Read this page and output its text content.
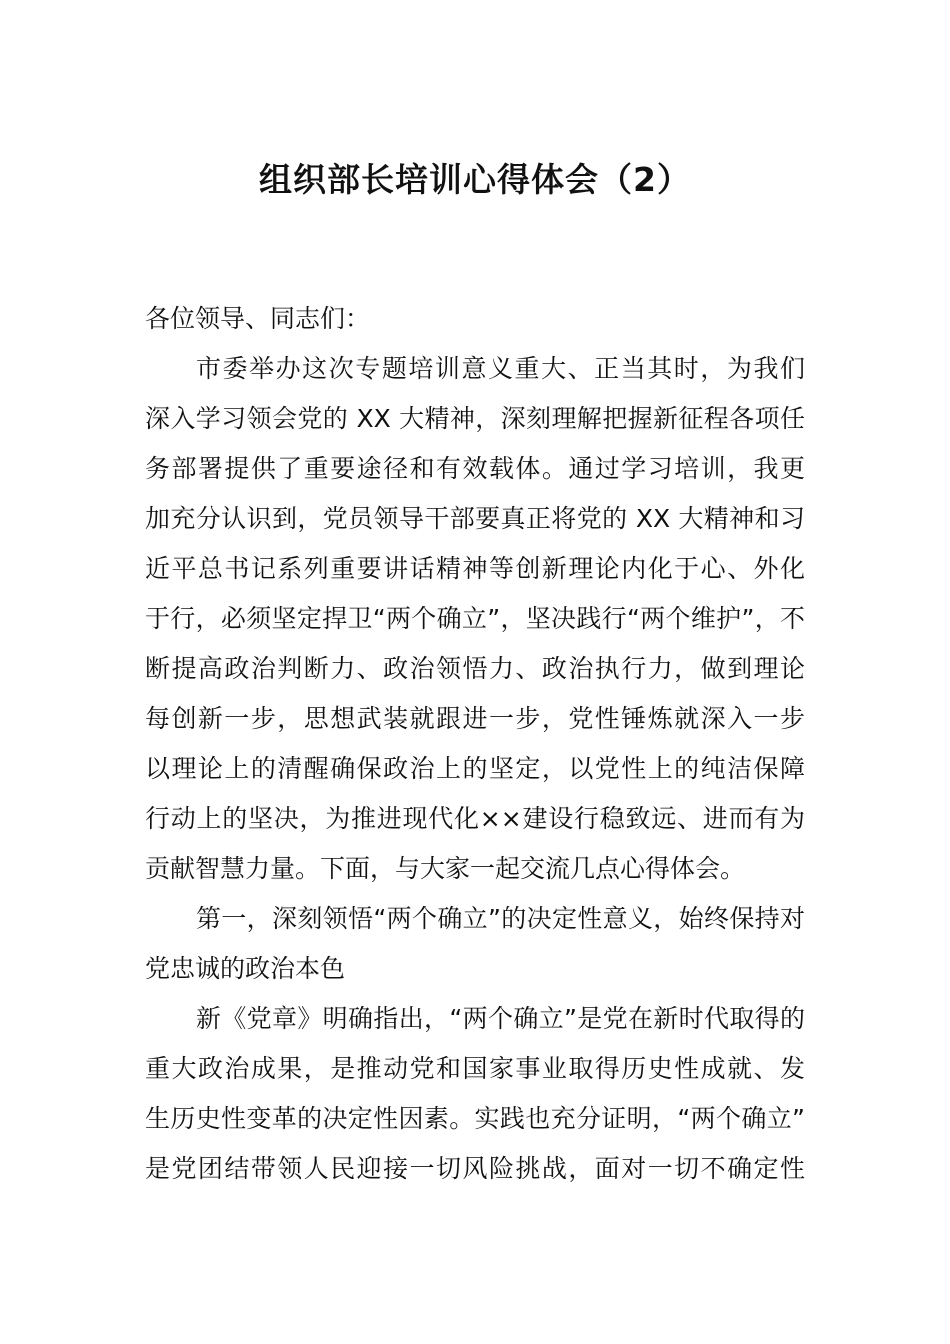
组织部长培训心得体会（2）
各位领导、同志们：
市委举办这次专题培训意义重大、正当其时，为我们
深入学习领会党的 XX 大精神，深刻理解把握新征程各项任
务部署提供了重要途径和有效载体。通过学习培训，我更
加充分认识到，党员领导干部要真正将党的 XX 大精神和习
近平总书记系列重要讲话精神等创新理论内化于心、外化
于行，必须坚定捍卫“两个确立”，坚决践行“两个维护”，不
断提高政治判断力、政治领悟力、政治执行力，做到理论
每创新一步，思想武装就跟进一步，党性锤炼就深入一步
以理论上的清醒确保政治上的坚定，以党性上的纯洁保障
行动上的坚决，为推进现代化××建设行稳致远、进而有为
贡献智慧力量。下面，与大家一起交流几点心得体会。
第一，深刻领悟“两个确立”的决定性意义，始终保持对
党忠诚的政治本色
新《党章》明确指出，“两个确立”是党在新时代取得的
重大政治成果，是推动党和国家事业取得历史性成就、发
生历史性变革的决定性因素。实践也充分证明，“两个确立”
是党团结带领人民迎接一切风险挑战，面对一切不确定性
